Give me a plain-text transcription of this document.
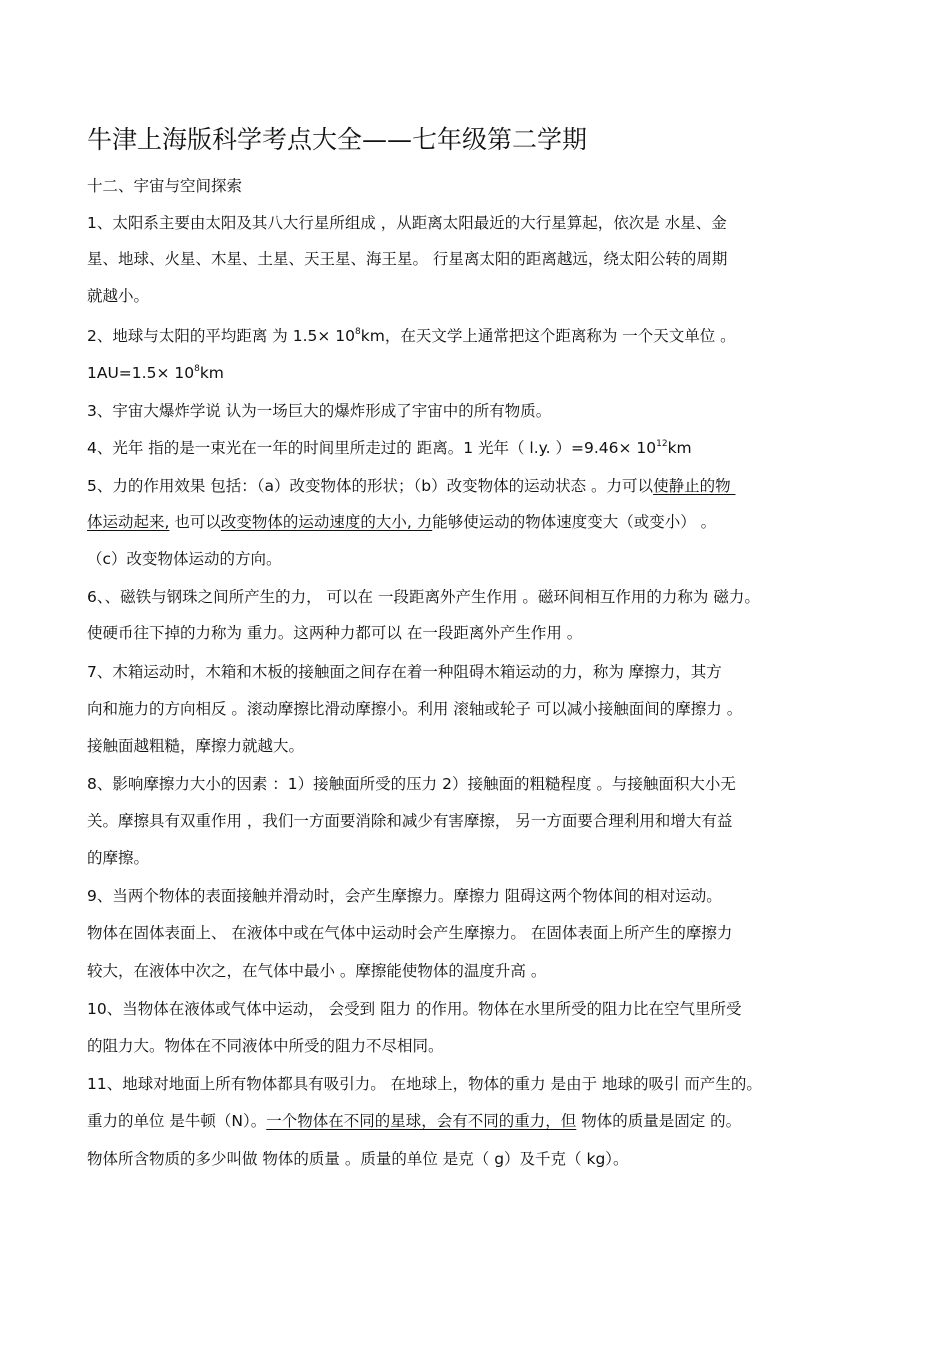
牛津上海版科学考点大全——七年级第二学期
十二、宇宙与空间探索
1、太阳系主要由太阳及其八大行星所组成 ，从距离太阳最近的大行星算起，依次是 水星、金
星、地球、火星、木星、土星、天王星、海王星。 行星离太阳的距离越远，绕太阳公转的周期
就越小。
2、地球与太阳的平均距离 为 $1.5\times 10^8km$，在天文学上通常把这个距离称为 一个天文单位 。
$1AU=1.5\times 10^8km$
3、宇宙大爆炸学说 认为一场巨大的爆炸形成了宇宙中的所有物质。
4、光年 指的是一束光在一年的时间里所走过的 距离。1 光年（ l.y. ）$=9.46\times 10^{12}km$
5、力的作用效果 包括：（a）改变物体的形状；（b）改变物体的运动状态 。力可以使静止的物
体运动起来, 也可以改变物体的运动速度的大小, 力能够使运动的物体速度变大（或变小） 。
（c）改变物体运动的方向。
6、、磁铁与钢珠之间所产生的力， 可以在 一段距离外产生作用 。磁环间相互作用的力称为 磁力。
使硬币往下掉的力称为 重力。这两种力都可以 在一段距离外产生作用 。
7、木箱运动时，木箱和木板的接触面之间存在着一种阻碍木箱运动的力，称为 摩擦力，其方
向和施力的方向相反 。滚动摩擦比滑动摩擦小。利用 滚轴或轮子 可以减小接触面间的摩擦力 。
接触面越粗糙，摩擦力就越大。
8、影响摩擦力大小的因素 ：1）接触面所受的压力 2）接触面的粗糙程度 。与接触面积大小无
关。摩擦具有双重作用 ，我们一方面要消除和减少有害摩擦， 另一方面要合理利用和增大有益
的摩擦。
9、当两个物体的表面接触并滑动时，会产生摩擦力。摩擦力 阻碍这两个物体间的相对运动。
物体在固体表面上、 在液体中或在气体中运动时会产生摩擦力。 在固体表面上所产生的摩擦力
较大，在液体中次之，在气体中最小 。摩擦能使物体的温度升高 。
10、当物体在液体或气体中运动， 会受到 阻力 的作用。物体在水里所受的阻力比在空气里所受
的阻力大。物体在不同液体中所受的阻力不尽相同。
11、地球对地面上所有物体都具有吸引力。 在地球上，物体的重力 是由于 地球的吸引 而产生的。
重力的单位 是牛顿（N）。一个物体在不同的星球，会有不同的重力，但 物体的质量是固定 的。
物体所含物质的多少叫做 物体的质量 。质量的单位 是克（ g）及千克（ kg）。
